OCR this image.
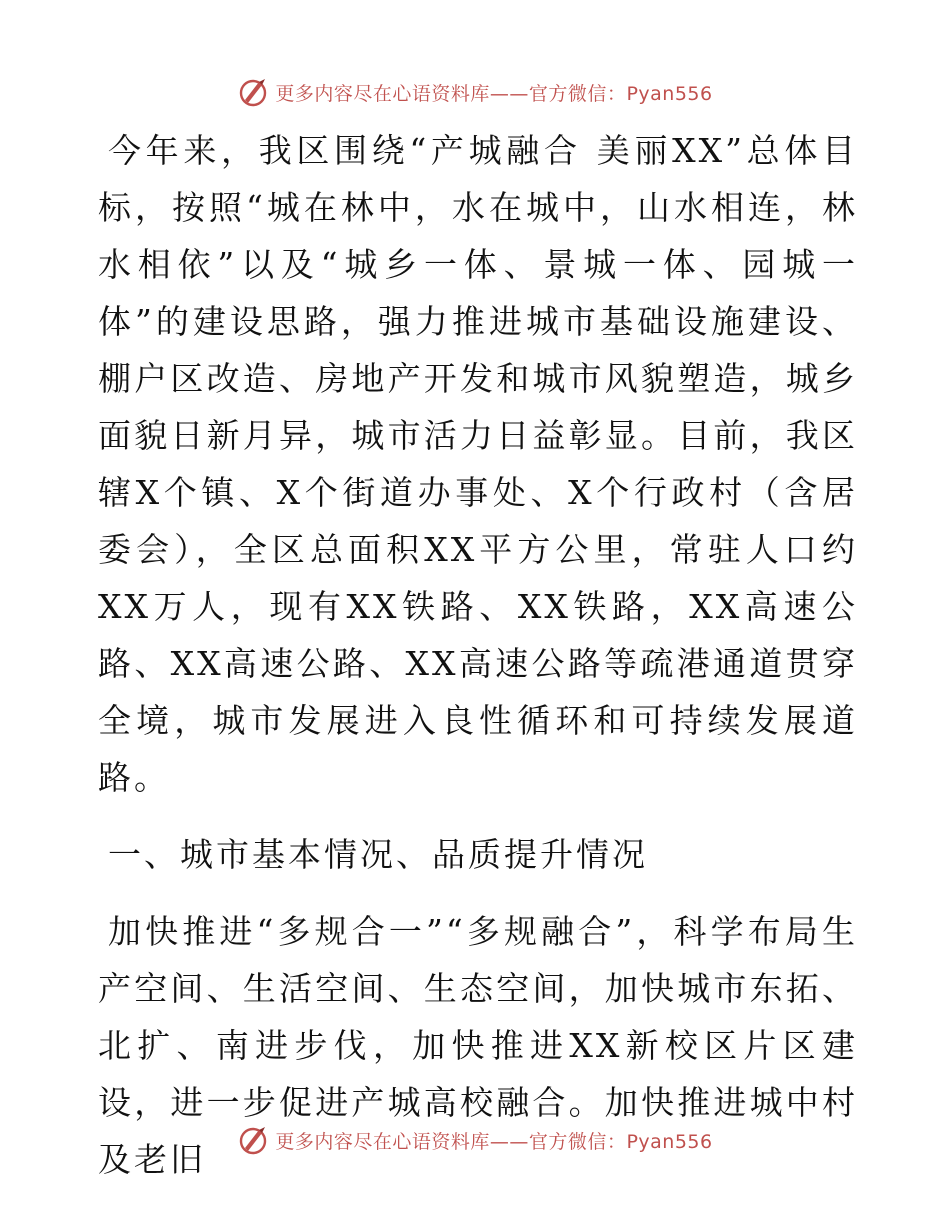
更多内容尽在心语资料库——官方微信：Pyan556

今年来，我区围绕“产城融合 美丽XX”总体目标，按照“城在林中，水在城中，山水相连，林水相依”以及“城乡一体、景城一体、园城一体”的建设思路，强力推进城市基础设施建设、棚户区改造、房地产开发和城市风貌塑造，城乡面貌日新月异，城市活力日益彰显。目前，我区辖X个镇、X个街道办事处、X个行政村（含居委会），全区总面积XX平方公里，常驻人口约XX万人，现有XX铁路、XX铁路，XX高速公路、XX高速公路、XX高速公路等疏港通道贯穿全境，城市发展进入良性循环和可持续发展道路。

一、城市基本情况、品质提升情况

加快推进“多规合一”“多规融合”，科学布局生产空间、生活空间、生态空间，加快城市东拓、北扩、南进步伐，加快推进XX新校区片区建设，进一步促进产城高校融合。加快推进城中村及老旧	更多内容尽在心语资料库——官方微信：Pyan556
